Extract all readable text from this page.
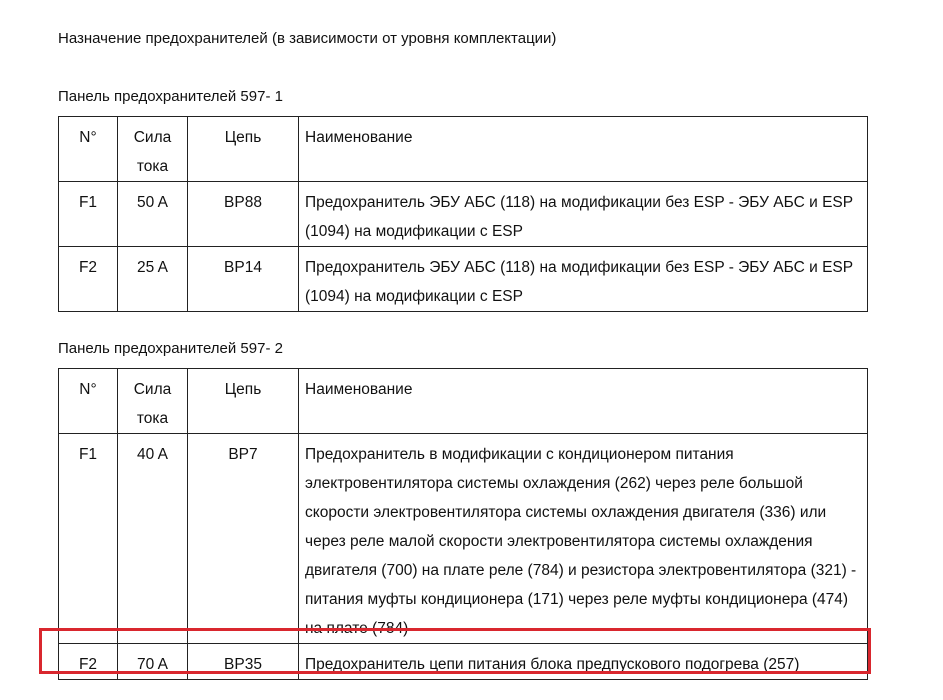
Назначение предохранителей (в зависимости от уровня комплектации)
Панель предохранителей 597- 1
N°	Сила тока	Цепь	Наименование
F1	50 A	BP88	Предохранитель ЭБУ АБС (118) на модификации без ESP - ЭБУ АБС и ESP (1094) на модификации с ESP
F2	25 A	BP14	Предохранитель ЭБУ АБС (118) на модификации без ESP - ЭБУ АБС и ESP (1094) на модификации с ESP
Панель предохранителей 597- 2
N°	Сила тока	Цепь	Наименование
F1	40 A	BP7	Предохранитель в модификации с кондиционером питания электровентилятора системы охлаждения (262) через реле большой скорости электровентилятора системы охлаждения двигателя (336) или через реле малой скорости электровентилятора системы охлаждения двигателя (700) на плате реле (784) и резистора электровентилятора (321) - питания муфты кондиционера (171) через реле муфты кондиционера (474) на плате (784)
F2	70 A	BP35	Предохранитель цепи питания блока предпускового подогрева (257)
